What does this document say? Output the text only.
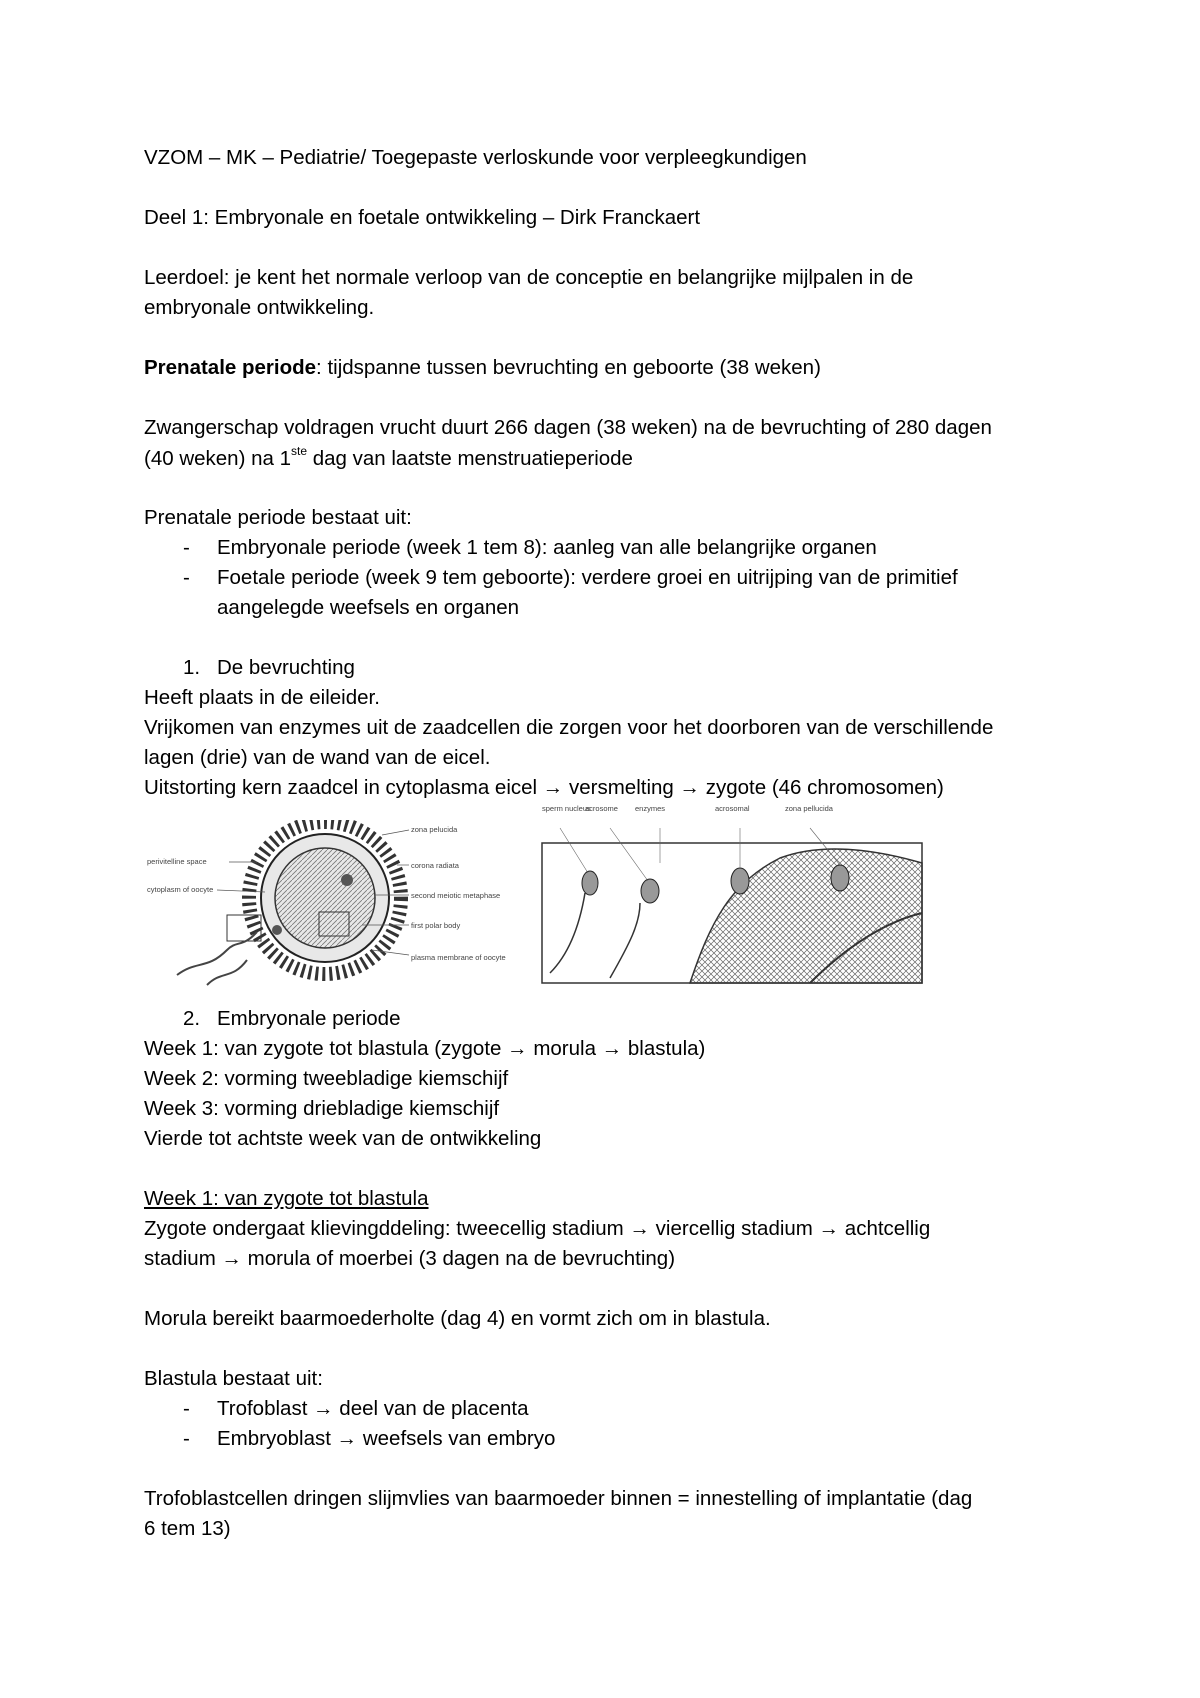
VZOM – MK – Pediatrie/ Toegepaste verloskunde voor verpleegkundigen
Deel 1: Embryonale en foetale ontwikkeling – Dirk Franckaert
Leerdoel: je kent het normale verloop van de conceptie en belangrijke mijlpalen in de
embryonale ontwikkeling.
Prenatale periode: tijdspanne tussen bevruchting en geboorte (38 weken)
Zwangerschap voldragen vrucht duurt 266 dagen (38 weken) na de bevruchting of 280 dagen
(40 weken) na 1ste dag van laatste menstruatieperiode
Prenatale periode bestaat uit:
- Embryonale periode (week 1 tem 8): aanleg van alle belangrijke organen
- Foetale periode (week 9 tem geboorte): verdere groei en uitrijping van de primitief
aangelegde weefsels en organen
1. De bevruchting
Heeft plaats in de eileider.
Vrijkomen van enzymes uit de zaadcellen die zorgen voor het doorboren van de verschillende
lagen (drie) van de wand van de eicel.
Uitstorting kern zaadcel in cytoplasma eicel → versmelting → zygote (46 chromosomen)
zona pelucida
corona radiata
perivitelline space
cytoplasm of oocyte
second meiotic metaphase
first polar body
plasma membrane of oocyte
sperm nucleus
acrosome enzymes	acrosomal	zona pellucida
2. Embryonale periode
Week 1: van zygote tot blastula (zygote → morula → blastula)
Week 2: vorming tweebladige kiemschijf
Week 3: vorming driebladige kiemschijf
Vierde tot achtste week van de ontwikkeling
Week 1: van zygote tot blastula
Zygote ondergaat klievingddeling: tweecellig stadium → viercellig stadium → achtcellig
stadium → morula of moerbei (3 dagen na de bevruchting)
Morula bereikt baarmoederholte (dag 4) en vormt zich om in blastula.
Blastula bestaat uit:
- Trofoblast → deel van de placenta
- Embryoblast → weefsels van embryo
Trofoblastcellen dringen slijmvlies van baarmoeder binnen = innestelling of implantatie (dag
6 tem 13)
